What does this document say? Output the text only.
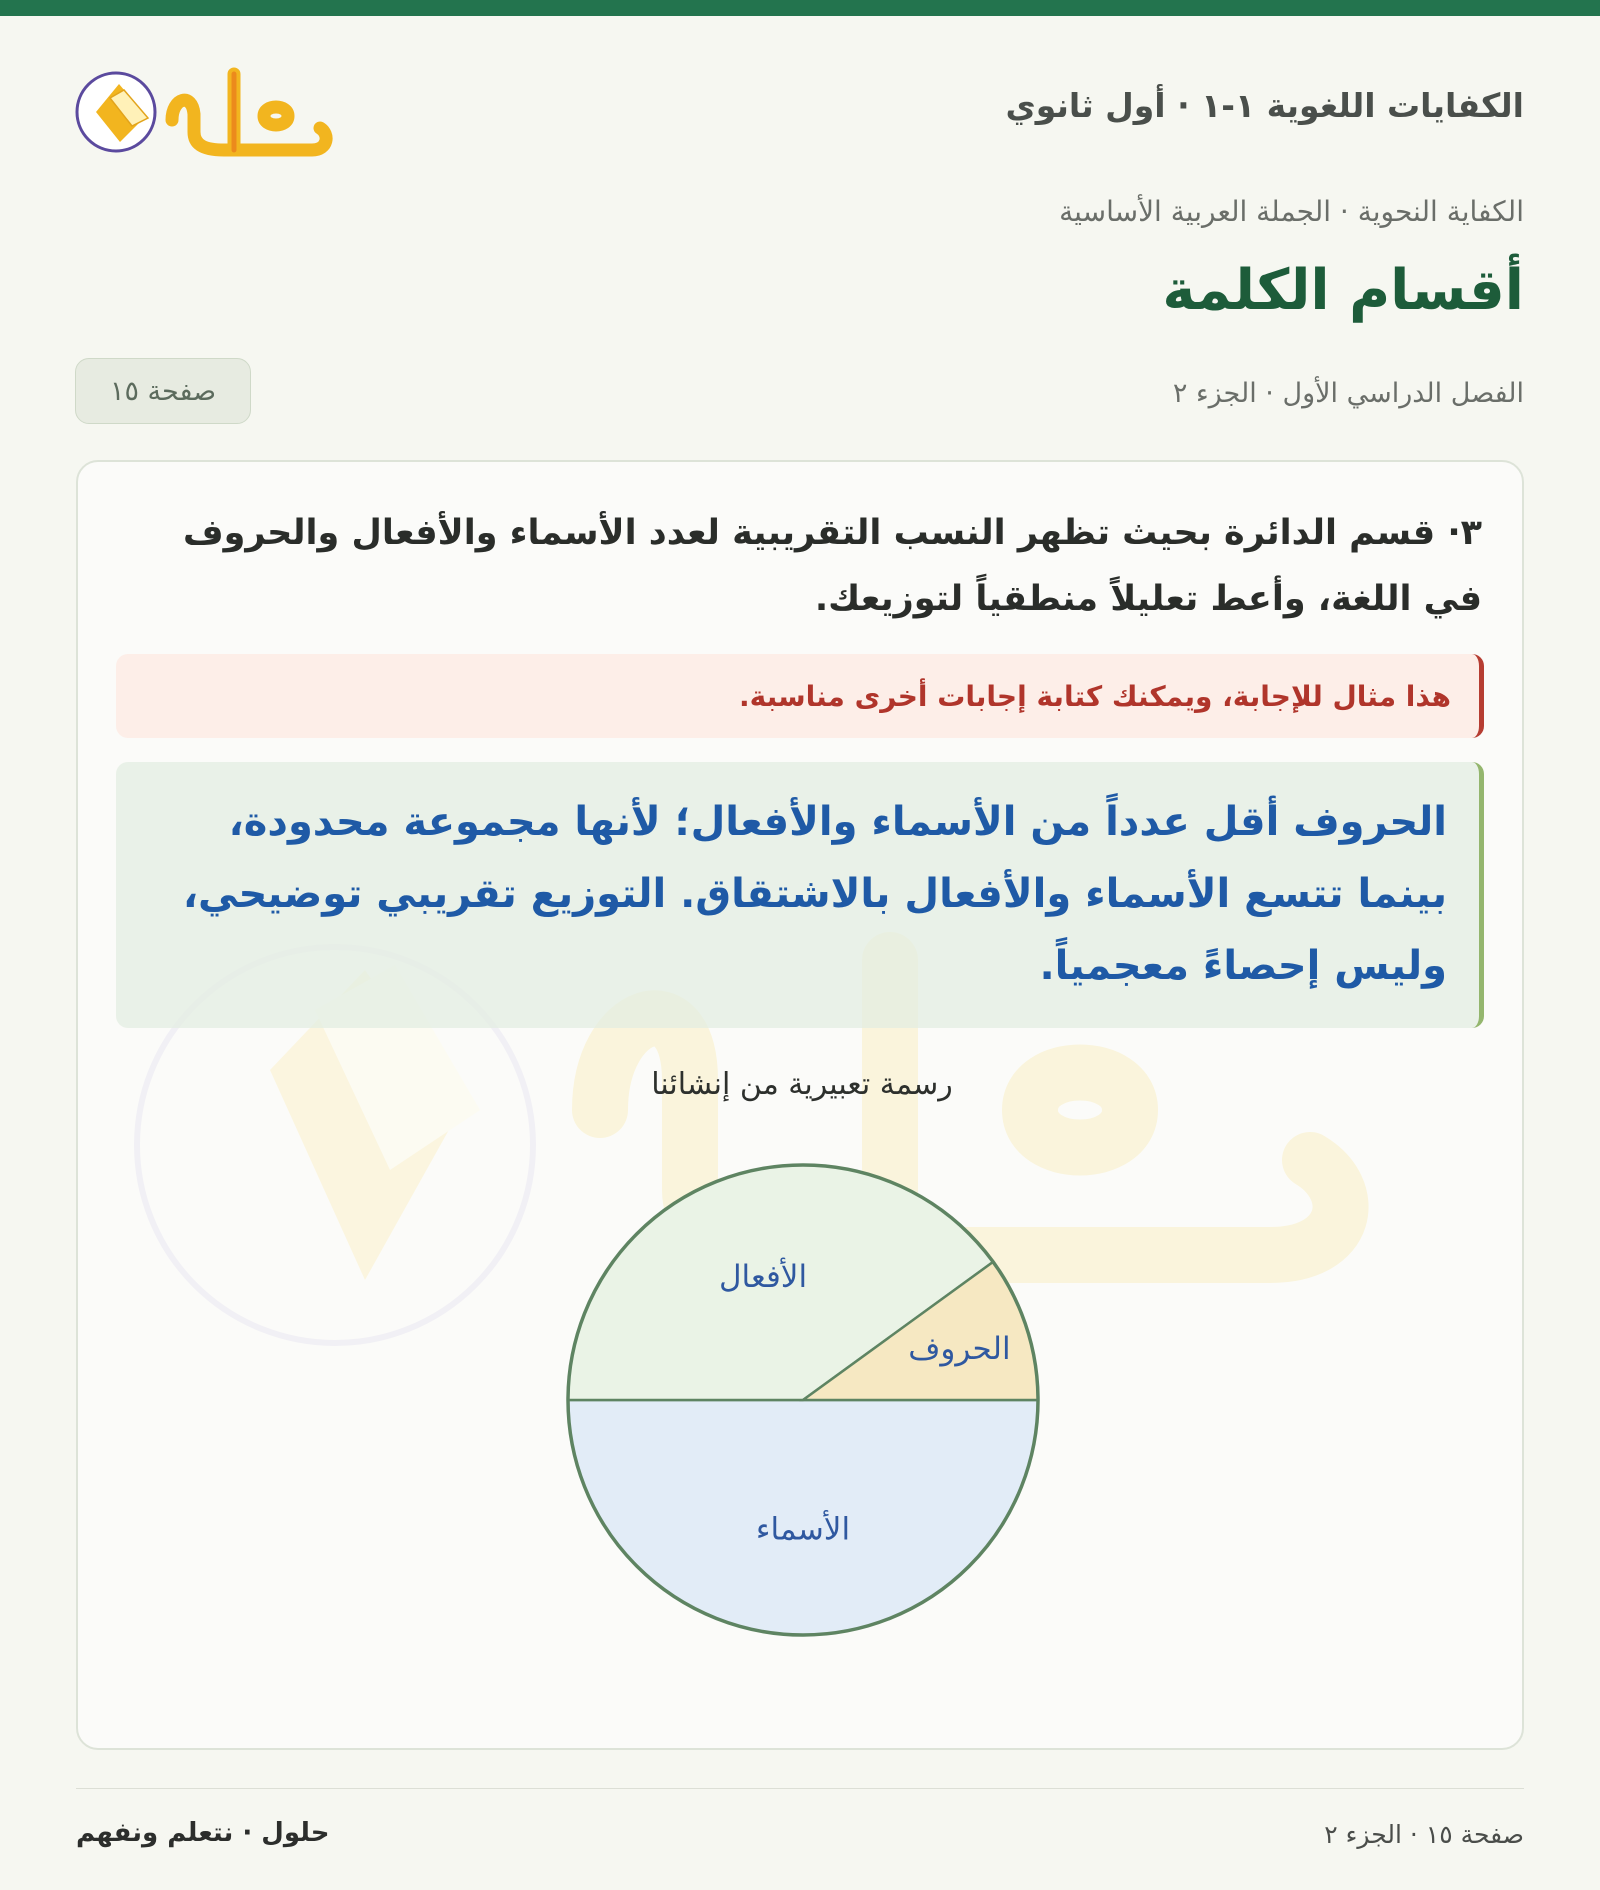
الكفايات اللغوية ١-١ · أول ثانوي
الكفاية النحوية · الجملة العربية الأساسية
أقسام الكلمة
الفصل الدراسي الأول · الجزء ٢
صفحة ١٥

٣· قسم الدائرة بحيث تظهر النسب التقريبية لعدد الأسماء والأفعال والحروف في اللغة، وأعط تعليلاً منطقياً لتوزيعك.

هذا مثال للإجابة، ويمكنك كتابة إجابات أخرى مناسبة.

الحروف أقل عدداً من الأسماء والأفعال؛ لأنها مجموعة محدودة، بينما تتسع الأسماء والأفعال بالاشتقاق. التوزيع تقريبي توضيحي، وليس إحصاءً معجمياً.

رسمة تعبيرية من إنشائنا
الأسماء
الأفعال
الحروف
صفحة ١٥ · الجزء ٢
حلول · نتعلم ونفهم
